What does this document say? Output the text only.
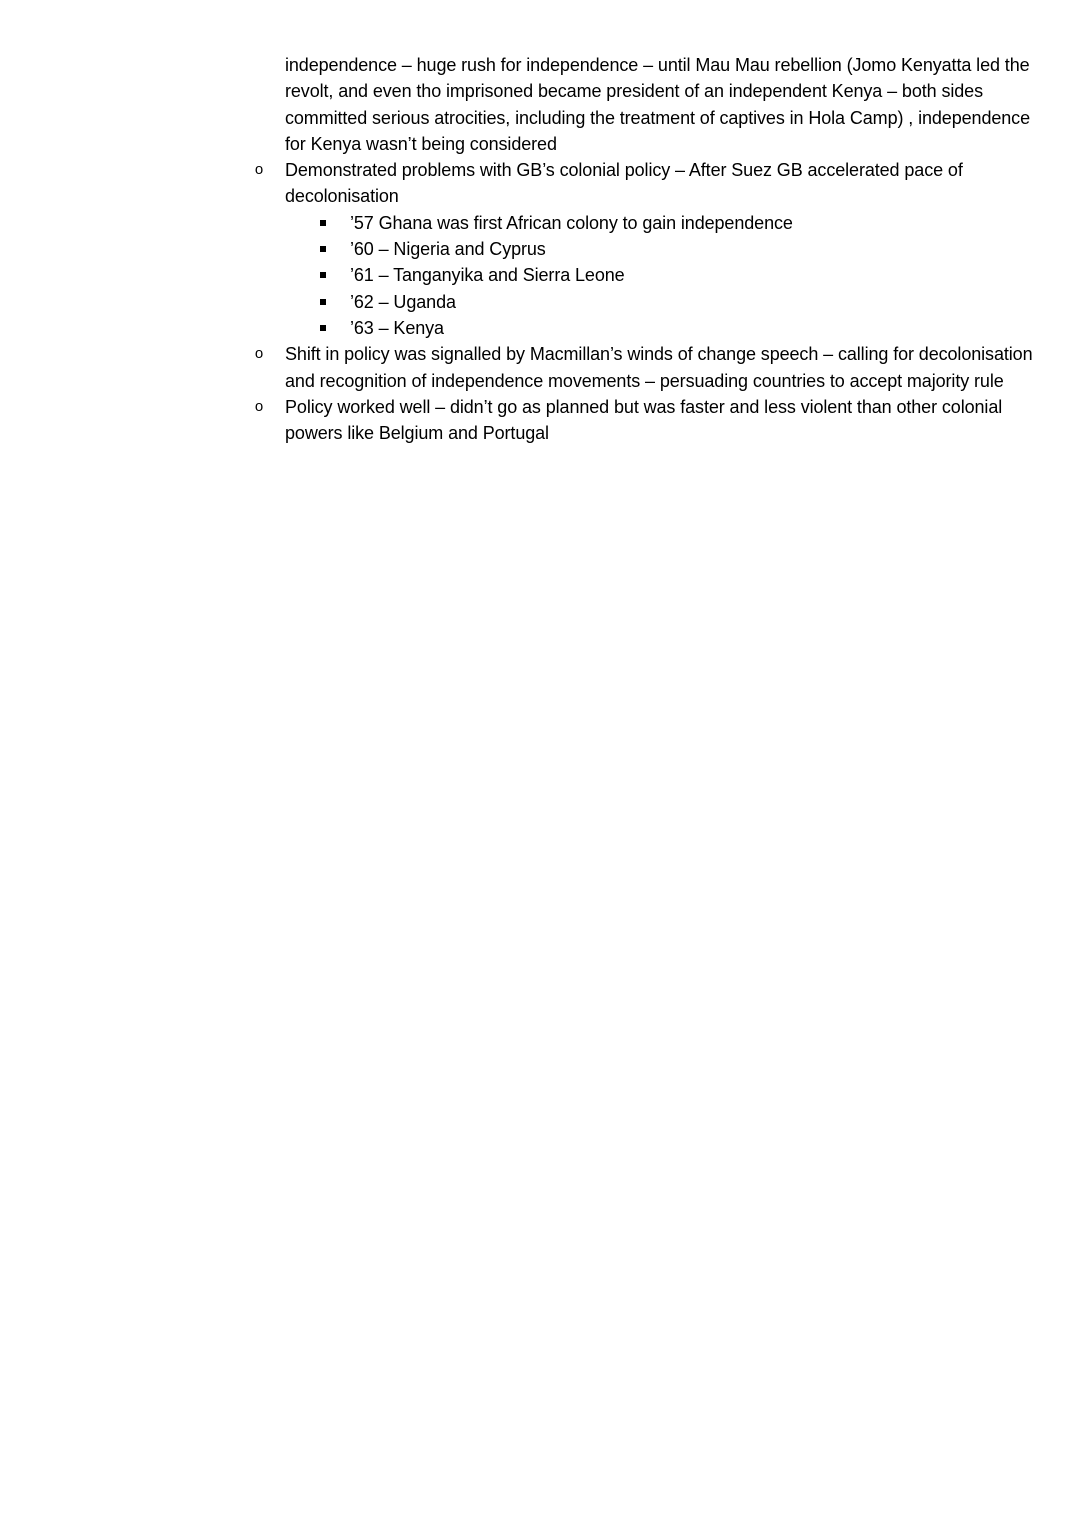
independence – huge rush for independence – until Mau Mau rebellion (Jomo Kenyatta led the revolt, and even tho imprisoned became president of an independent Kenya – both sides committed serious atrocities, including the treatment of captives in Hola Camp) , independence for Kenya wasn’t being considered

o Demonstrated problems with GB’s colonial policy – After Suez GB accelerated pace of decolonisation
’57 Ghana was first African colony to gain independence
’60 – Nigeria and Cyprus
’61 – Tanganyika and Sierra Leone
’62 – Uganda
’63 – Kenya
o Shift in policy was signalled by Macmillan’s winds of change speech – calling for decolonisation and recognition of independence movements – persuading countries to accept majority rule
o Policy worked well – didn’t go as planned but was faster and less violent than other colonial powers like Belgium and Portugal
